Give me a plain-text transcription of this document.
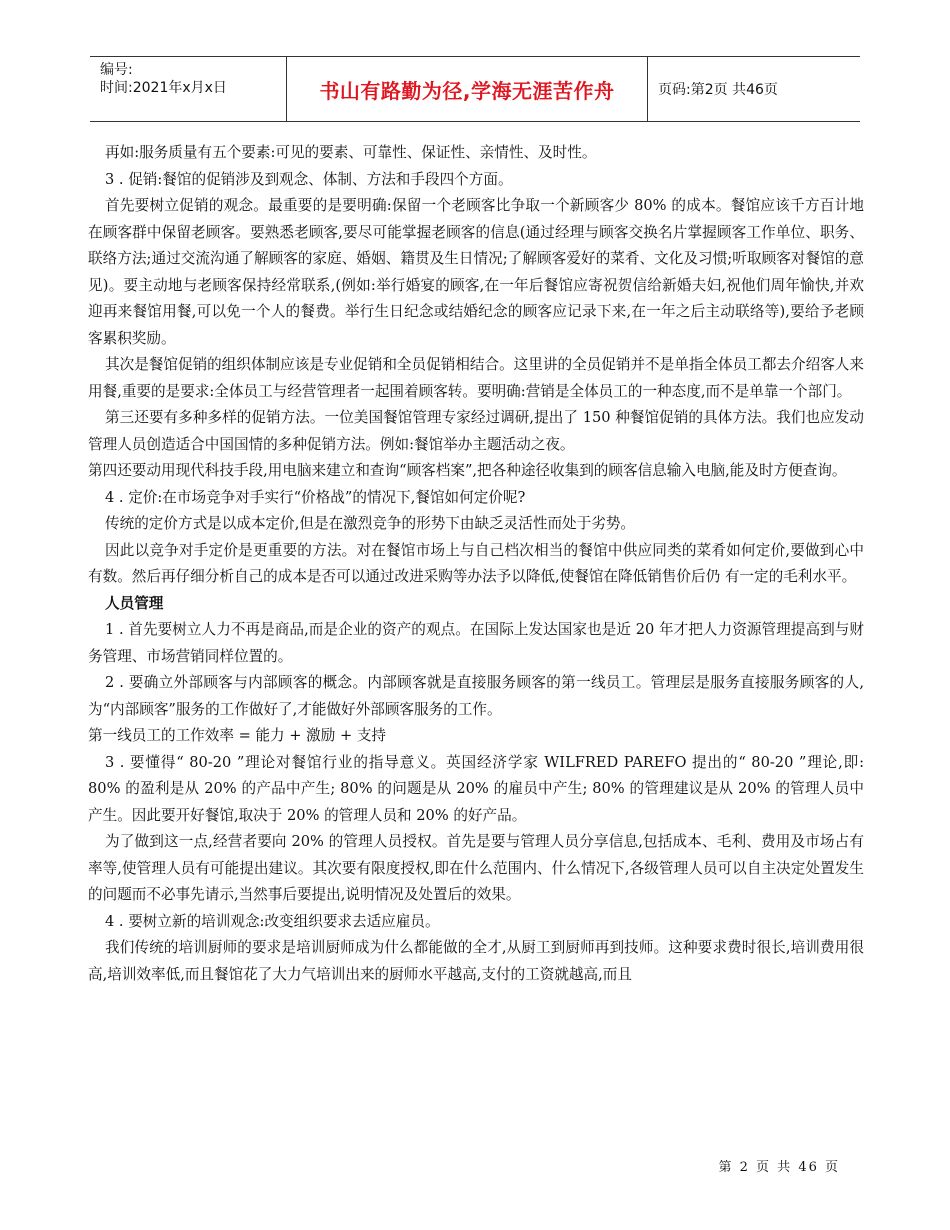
编号:
时间:2021年x月x日	书山有路勤为径,学海无涯苦作舟	页码:第2页 共46页

再如:服务质量有五个要素:可见的要素、可靠性、保证性、亲情性、及时性。

3 . 促销:餐馆的促销涉及到观念、体制、方法和手段四个方面。

首先要树立促销的观念。最重要的是要明确:保留一个老顾客比争取一个新顾客少 80% 的成本。餐馆应该千方百计地在顾客群中保留老顾客。要熟悉老顾客,要尽可能掌握老顾客的信息(通过经理与顾客交换名片掌握顾客工作单位、职务、联络方法;通过交流沟通了解顾客的家庭、婚姻、籍贯及生日情况;了解顾客爱好的菜肴、文化及习惯;听取顾客对餐馆的意见)。要主动地与老顾客保持经常联系,(例如:举行婚宴的顾客,在一年后餐馆应寄祝贺信给新婚夫妇,祝他们周年愉快,并欢迎再来餐馆用餐,可以免一个人的餐费。举行生日纪念或结婚纪念的顾客应记录下来,在一年之后主动联络等),要给予老顾客累积奖励。

其次是餐馆促销的组织体制应该是专业促销和全员促销相结合。这里讲的全员促销并不是单指全体员工都去介绍客人来用餐,重要的是要求:全体员工与经营管理者一起围着顾客转。要明确:营销是全体员工的一种态度,而不是单靠一个部门。

第三还要有多种多样的促销方法。一位美国餐馆管理专家经过调研,提出了 150 种餐馆促销的具体方法。我们也应发动管理人员创造适合中国国情的多种促销方法。例如:餐馆举办主题活动之夜。

第四还要动用现代科技手段,用电脑来建立和查询“顾客档案”,把各种途径收集到的顾客信息输入电脑,能及时方便查询。

4 . 定价:在市场竞争对手实行“价格战”的情况下,餐馆如何定价呢?

传统的定价方式是以成本定价,但是在激烈竞争的形势下由缺乏灵活性而处于劣势。

因此以竞争对手定价是更重要的方法。对在餐馆市场上与自己档次相当的餐馆中供应同类的菜肴如何定价,要做到心中有数。然后再仔细分析自己的成本是否可以通过改进采购等办法予以降低,使餐馆在降低销售价后仍 有一定的毛利水平。

人员管理

1 . 首先要树立人力不再是商品,而是企业的资产的观点。在国际上发达国家也是近 20 年才把人力资源管理提高到与财务管理、市场营销同样位置的。

2 . 要确立外部顾客与内部顾客的概念。内部顾客就是直接服务顾客的第一线员工。管理层是服务直接服务顾客的人,为“内部顾客”服务的工作做好了,才能做好外部顾客服务的工作。

第一线员工的工作效率 = 能力 + 激励 + 支持

3 . 要懂得“ 80-20 ”理论对餐馆行业的指导意义。英国经济学家 WILFRED PAREFO 提出的“ 80-20 ”理论,即: 80% 的盈利是从 20% 的产品中产生; 80% 的问题是从 20% 的雇员中产生; 80% 的管理建议是从 20% 的管理人员中产生。因此要开好餐馆,取决于 20% 的管理人员和 20% 的好产品。

为了做到这一点,经营者要向 20% 的管理人员授权。首先是要与管理人员分享信息,包括成本、毛利、费用及市场占有率等,使管理人员有可能提出建议。其次要有限度授权,即在什么范围内、什么情况下,各级管理人员可以自主决定处置发生的问题而不必事先请示,当然事后要提出,说明情况及处置后的效果。

4 . 要树立新的培训观念:改变组织要求去适应雇员。

我们传统的培训厨师的要求是培训厨师成为什么都能做的全才,从厨工到厨师再到技师。这种要求费时很长,培训费用很高,培训效率低,而且餐馆花了大力气培训出来的厨师水平越高,支付的工资就越高,而且

第 2 页 共 46 页
